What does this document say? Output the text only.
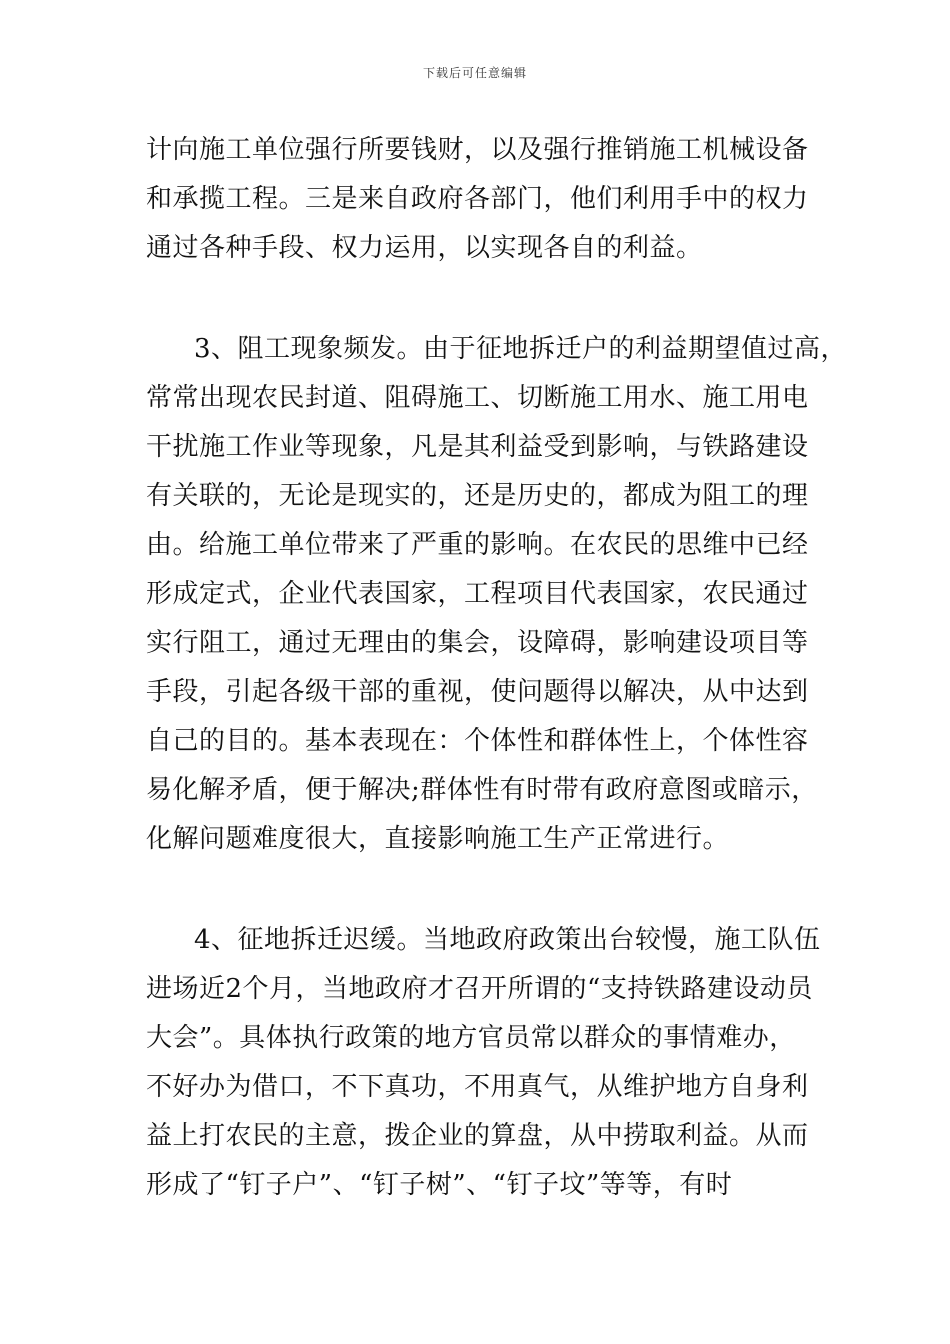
下载后可任意编辑
计向施工单位强行所要钱财，以及强行推销施工机械设备
和承揽工程。三是来自政府各部门，他们利用手中的权力
通过各种手段、权力运用，以实现各自的利益。
3、阻工现象频发。由于征地拆迁户的利益期望值过高，
常常出现农民封道、阻碍施工、切断施工用水、施工用电
干扰施工作业等现象，凡是其利益受到影响，与铁路建设
有关联的，无论是现实的，还是历史的，都成为阻工的理
由。给施工单位带来了严重的影响。在农民的思维中已经
形成定式，企业代表国家，工程项目代表国家，农民通过
实行阻工，通过无理由的集会，设障碍，影响建设项目等
手段，引起各级干部的重视，使问题得以解决，从中达到
自己的目的。基本表现在：个体性和群体性上，个体性容
易化解矛盾，便于解决;群体性有时带有政府意图或暗示，
化解问题难度很大，直接影响施工生产正常进行。
4、征地拆迁迟缓。当地政府政策出台较慢，施工队伍
进场近2个月，当地政府才召开所谓的“支持铁路建设动员
大会”。具体执行政策的地方官员常以群众的事情难办，
不好办为借口，不下真功，不用真气，从维护地方自身利
益上打农民的主意，拨企业的算盘，从中捞取利益。从而
形成了“钉子户”、“钉子树”、“钉子坟”等等，有时
